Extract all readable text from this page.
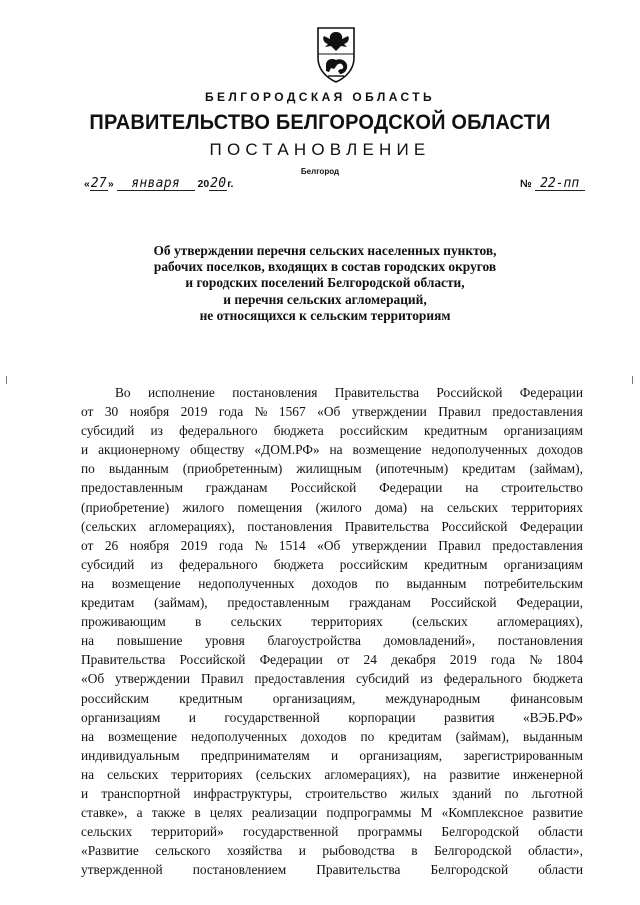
БЕЛГОРОДСКАЯ ОБЛАСТЬ
ПРАВИТЕЛЬСТВО БЕЛГОРОДСКОЙ ОБЛАСТИ
ПОСТАНОВЛЕНИЕ
Белгород
«27» января 2020г.	№ 22-пп
Об утверждении перечня сельских населенных пунктов,
рабочих поселков, входящих в состав городских округов
и городских поселений Белгородской области,
и перечня сельских агломераций,
не относящихся к сельским территориям
Во исполнение постановления Правительства Российской Федерации
от 30 ноября 2019 года № 1567 «Об утверждении Правил предоставления
субсидий из федерального бюджета российским кредитным организациям
и акционерному обществу «ДОМ.РФ» на возмещение недополученных доходов
по выданным (приобретенным) жилищным (ипотечным) кредитам (займам),
предоставленным гражданам Российской Федерации на строительство
(приобретение) жилого помещения (жилого дома) на сельских территориях
(сельских агломерациях), постановления Правительства Российской Федерации
от 26 ноября 2019 года № 1514 «Об утверждении Правил предоставления
субсидий из федерального бюджета российским кредитным организациям
на возмещение недополученных доходов по выданным потребительским
кредитам (займам), предоставленным гражданам Российской Федерации,
проживающим в сельских территориях (сельских агломерациях),
на повышение уровня благоустройства домовладений», постановления
Правительства Российской Федерации от 24 декабря 2019 года № 1804
«Об утверждении Правил предоставления субсидий из федерального бюджета
российским кредитным организациям, международным финансовым
организациям и государственной корпорации развития «ВЭБ.РФ»
на возмещение недополученных доходов по кредитам (займам), выданным
индивидуальным предпринимателям и организациям, зарегистрированным
на сельских территориях (сельских агломерациях), на развитие инженерной
и транспортной инфраструктуры, строительство жилых зданий по льготной
ставке», а также в целях реализации подпрограммы М «Комплексное развитие
сельских территорий» государственной программы Белгородской области
«Развитие сельского хозяйства и рыбоводства в Белгородской области»,
утвержденной постановлением Правительства Белгородской области
